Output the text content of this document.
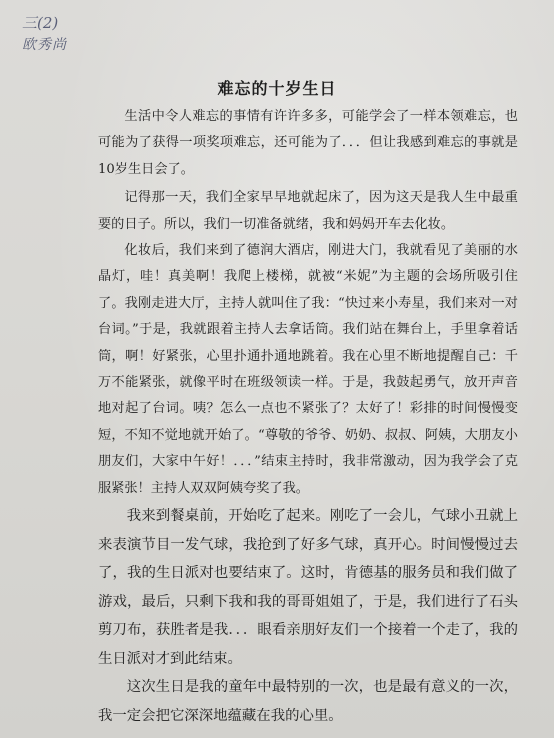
三(2)
欧秀尚
难忘的十岁生日

生活中令人难忘的事情有许许多多，可能学会了一样本领难忘，也可能为了获得一项奖项难忘，还可能为了．．．但让我感到难忘的事就是10岁生日会了。

记得那一天，我们全家早早地就起床了，因为这天是我人生中最重要的日子。所以，我们一切准备就绪，我和妈妈开车去化妆。

化妆后，我们来到了德润大酒店，刚进大门，我就看见了美丽的水晶灯，哇！真美啊！我爬上楼梯，就被“米妮”为主题的会场所吸引住了。我刚走进大厅，主持人就叫住了我：“快过来小寿星，我们来对一对台词。”于是，我就跟着主持人去拿话筒。我们站在舞台上，手里拿着话筒，啊！好紧张，心里扑通扑通地跳着。我在心里不断地提醒自己：千万不能紧张，就像平时在班级领读一样。于是，我鼓起勇气，放开声音地对起了台词。咦？怎么一点也不紧张了？太好了！彩排的时间慢慢变短，不知不觉地就开始了。“尊敬的爷爷、奶奶、叔叔、阿姨，大朋友小朋友们，大家中午好！．．．”结束主持时，我非常激动，因为我学会了克服紧张！主持人双双阿姨夸奖了我。

我来到餐桌前，开始吃了起来。刚吃了一会儿，气球小丑就上来表演节目一发气球，我抢到了好多气球，真开心。时间慢慢过去了，我的生日派对也要结束了。这时，肯德基的服务员和我们做了游戏，最后，只剩下我和我的哥哥姐姐了，于是，我们进行了石头剪刀布，获胜者是我．．．眼看亲朋好友们一个接着一个走了，我的生日派对才到此结束。

这次生日是我的童年中最特别的一次，也是最有意义的一次，我一定会把它深深地蕴藏在我的心里。
